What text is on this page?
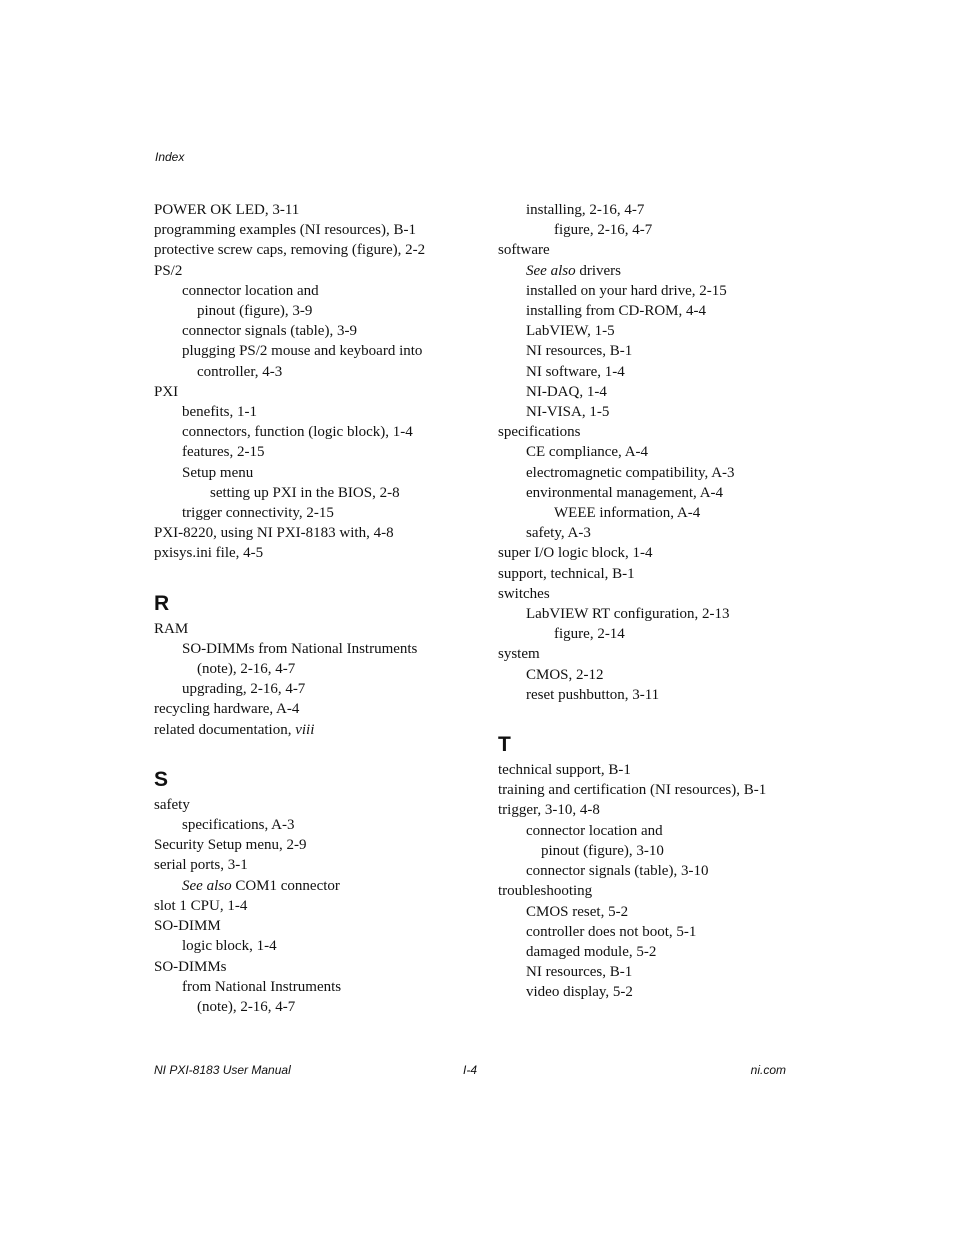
Index
POWER OK LED, 3-11
programming examples (NI resources), B-1
protective screw caps, removing (figure), 2-2
PS/2
connector location and
pinout (figure), 3-9
connector signals (table), 3-9
plugging PS/2 mouse and keyboard into
controller, 4-3
PXI
benefits, 1-1
connectors, function (logic block), 1-4
features, 2-15
Setup menu
setting up PXI in the BIOS, 2-8
trigger connectivity, 2-15
PXI-8220, using NI PXI-8183 with, 4-8
pxisys.ini file, 4-5
R
RAM
SO-DIMMs from National Instruments
(note), 2-16, 4-7
upgrading, 2-16, 4-7
recycling hardware, A-4
related documentation, viii
S
safety
specifications, A-3
Security Setup menu, 2-9
serial ports, 3-1
See also COM1 connector
slot 1 CPU, 1-4
SO-DIMM
logic block, 1-4
SO-DIMMs
from National Instruments
(note), 2-16, 4-7
installing, 2-16, 4-7
figure, 2-16, 4-7
software
See also drivers
installed on your hard drive, 2-15
installing from CD-ROM, 4-4
LabVIEW, 1-5
NI resources, B-1
NI software, 1-4
NI-DAQ, 1-4
NI-VISA, 1-5
specifications
CE compliance, A-4
electromagnetic compatibility, A-3
environmental management, A-4
WEEE information, A-4
safety, A-3
super I/O logic block, 1-4
support, technical, B-1
switches
LabVIEW RT configuration, 2-13
figure, 2-14
system
CMOS, 2-12
reset pushbutton, 3-11
T
technical support, B-1
training and certification (NI resources), B-1
trigger, 3-10, 4-8
connector location and
pinout (figure), 3-10
connector signals (table), 3-10
troubleshooting
CMOS reset, 5-2
controller does not boot, 5-1
damaged module, 5-2
NI resources, B-1
video display, 5-2
NI PXI-8183 User Manual	I-4	ni.com
